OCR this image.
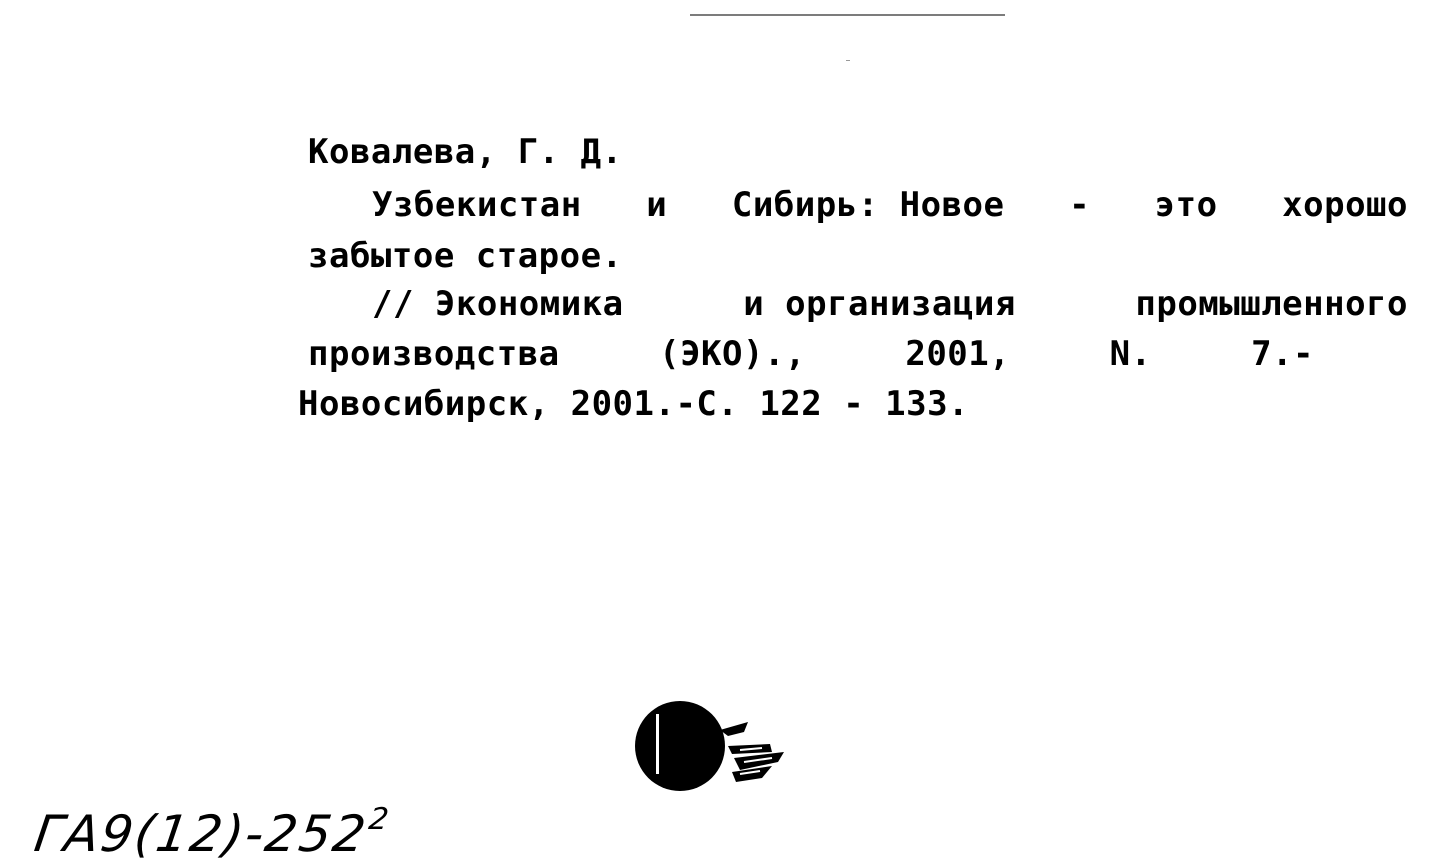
Ковалева, Г. Д.
Узбекистан и Сибирь: Новое - это хорошо
забытое старое.
// Экономика	и организация	промышленного
производства	(ЭКО).,	2001,	N.	7.-
Новосибирск, 2001.-С. 122 - 133.
$ГА9(12)-252^2$
